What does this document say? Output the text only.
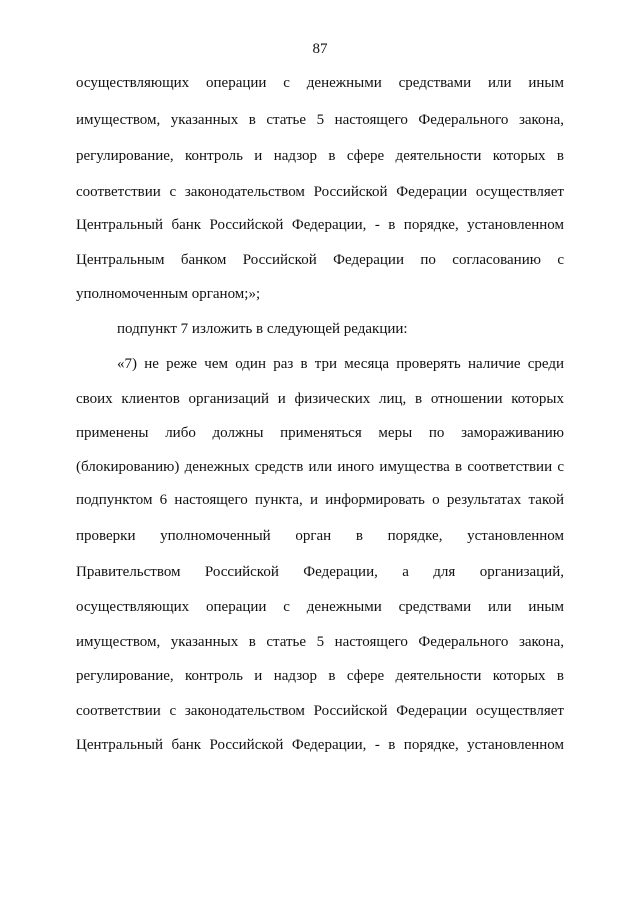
87
осуществляющих операции с денежными средствами или иным
имуществом, указанных в статье 5 настоящего Федерального закона,
регулирование, контроль и надзор в сфере деятельности которых в
соответствии с законодательством Российской Федерации осуществляет
Центральный банк Российской Федерации, - в порядке, установленном
Центральным банком Российской Федерации по согласованию с
уполномоченным органом;»;
подпункт 7 изложить в следующей редакции:
«7) не реже чем один раз в три месяца проверять наличие среди
своих клиентов организаций и физических лиц, в отношении которых
применены либо должны применяться меры по замораживанию
(блокированию) денежных средств или иного имущества в соответствии с
подпунктом 6 настоящего пункта, и информировать о результатах такой
проверки уполномоченный орган в порядке, установленном
Правительством Российской Федерации, а для организаций,
осуществляющих операции с денежными средствами или иным
имуществом, указанных в статье 5 настоящего Федерального закона,
регулирование, контроль и надзор в сфере деятельности которых в
соответствии с законодательством Российской Федерации осуществляет
Центральный банк Российской Федерации, - в порядке, установленном
